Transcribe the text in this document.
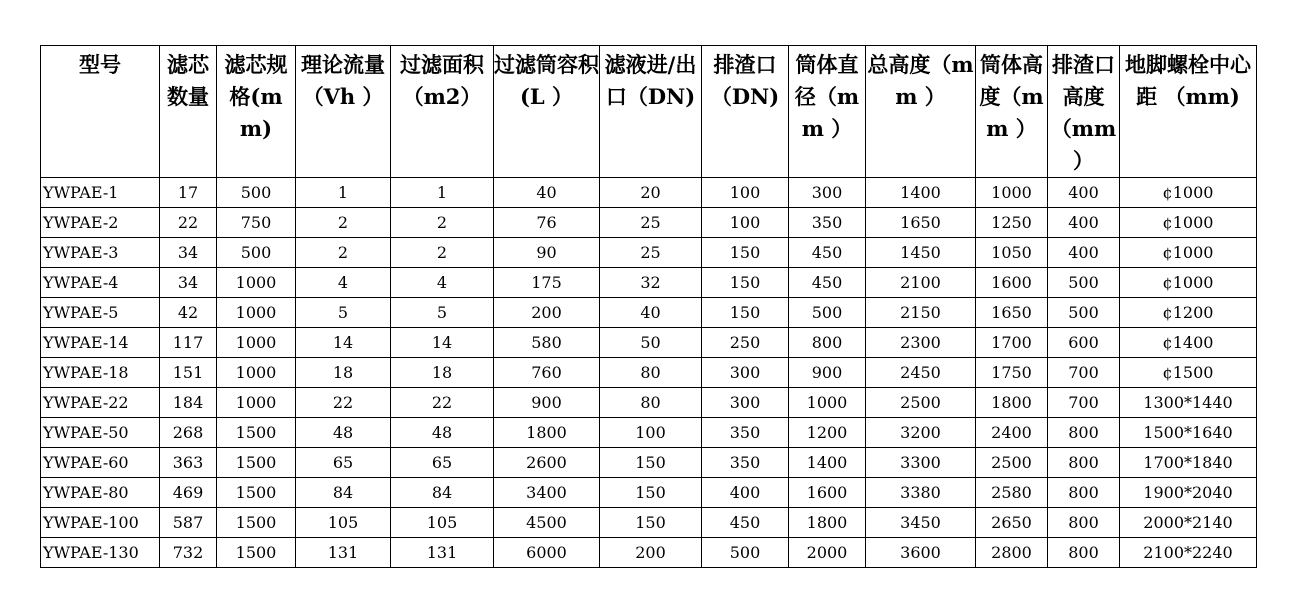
型号	滤芯数量	滤芯规格(mm)	理论流量（Vh ）	过滤面积（m2）	过滤筒容积(L ）	滤液进/出口（DN)	排渣口（DN)	筒体直径（mm ）	总高度（mm ）	筒体高度（mm ）	排渣口高度（mm ）	地脚螺栓中心距 （mm)
YWPAE-1	17	500	1	1	40	20	100	300	1400	1000	400	¢1000
YWPAE-2	22	750	2	2	76	25	100	350	1650	1250	400	¢1000
YWPAE-3	34	500	2	2	90	25	150	450	1450	1050	400	¢1000
YWPAE-4	34	1000	4	4	175	32	150	450	2100	1600	500	¢1000
YWPAE-5	42	1000	5	5	200	40	150	500	2150	1650	500	¢1200
YWPAE-14	117	1000	14	14	580	50	250	800	2300	1700	600	¢1400
YWPAE-18	151	1000	18	18	760	80	300	900	2450	1750	700	¢1500
YWPAE-22	184	1000	22	22	900	80	300	1000	2500	1800	700	1300*1440
YWPAE-50	268	1500	48	48	1800	100	350	1200	3200	2400	800	1500*1640
YWPAE-60	363	1500	65	65	2600	150	350	1400	3300	2500	800	1700*1840
YWPAE-80	469	1500	84	84	3400	150	400	1600	3380	2580	800	1900*2040
YWPAE-100	587	1500	105	105	4500	150	450	1800	3450	2650	800	2000*2140
YWPAE-130	732	1500	131	131	6000	200	500	2000	3600	2800	800	2100*2240
